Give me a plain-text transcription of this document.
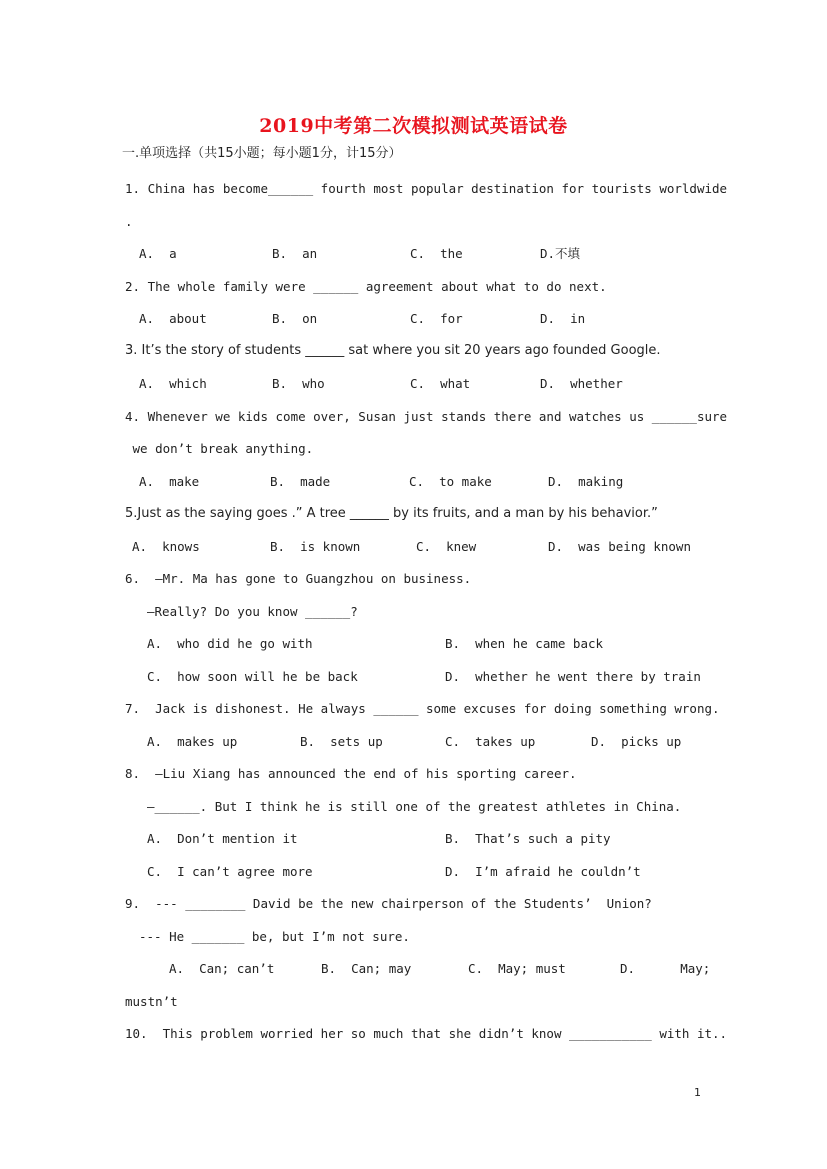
2019中考第二次模拟测试英语试卷
一.单项选择（共15小题；每小题1分，计15分）
1. China has become______ fourth most popular destination for tourists worldwide
.
A.  a	B.  an	C.  the	D.不填
2. The whole family were ______ agreement about what to do next.
A.  about	B.  on	C.  for	D.  in
3. It’s the story of students ______ sat where you sit 20 years ago founded Google.
A.  which	B.  who	C.  what	D.  whether
4. Whenever we kids come over, Susan just stands there and watches us ______sure
we don’t break anything.
A.  make	B.  made	C.  to make	D.  making
5.Just as the saying goes .” A tree ______ by its fruits, and a man by his behavior.”
A.  knows	B.  is known	C.  knew	D.  was being known
6.  —Mr. Ma has gone to Guangzhou on business.
—Really? Do you know ______?
A.  who did he go with	B.  when he came back
C.  how soon will he be back	D.  whether he went there by train
7.  Jack is dishonest. He always ______ some excuses for doing something wrong.
A.  makes up	B.  sets up	C.  takes up	D.  picks up
8.  —Liu Xiang has announced the end of his sporting career.
—______. But I think he is still one of the greatest athletes in China.
A.  Don’t mention it	B.  That’s such a pity
C.  I can’t agree more	D.  I’m afraid he couldn’t
9.  --- ________ David be the new chairperson of the Students’  Union?
--- He _______ be, but I’m not sure.
A.  Can; can’t	B.  Can; may	C.  May; must	D.      May;
mustn’t
10.  This problem worried her so much that she didn’t know ___________ with it..
1
